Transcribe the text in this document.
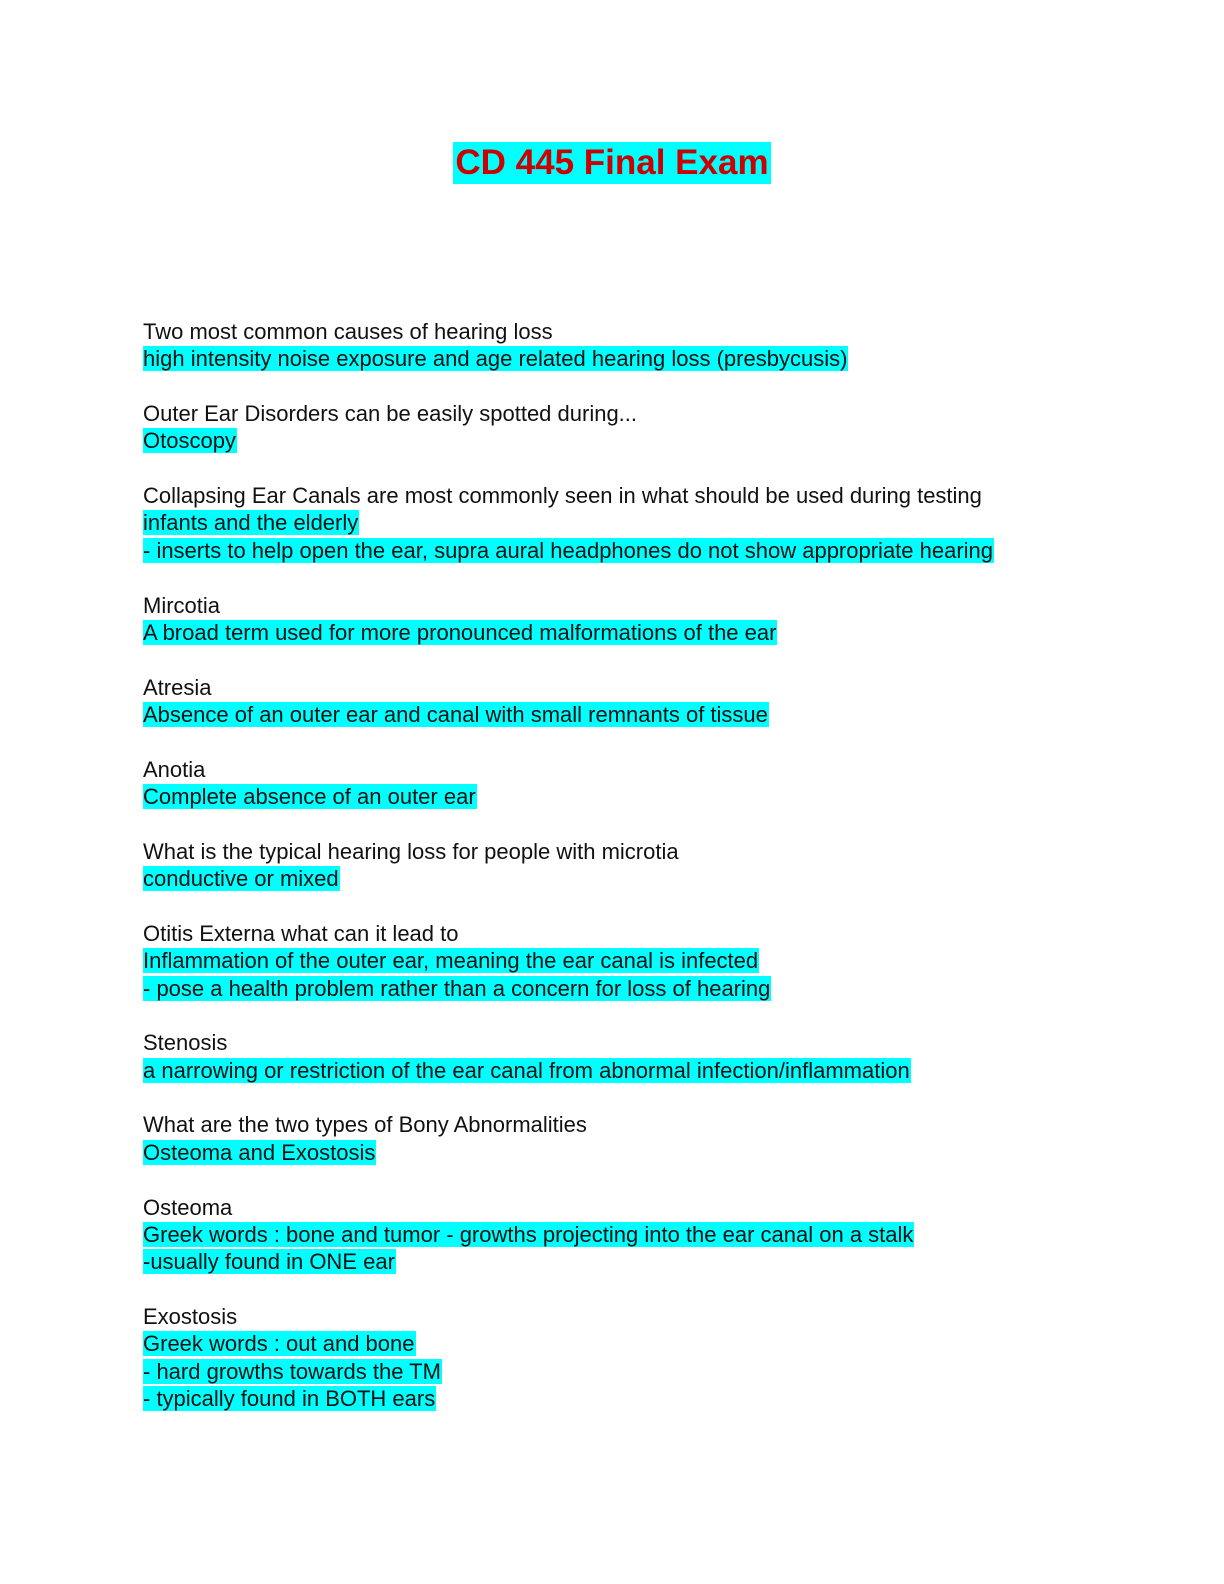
CD 445 Final Exam
Two most common causes of hearing loss
high intensity noise exposure and age related hearing loss (presbycusis)
Outer Ear Disorders can be easily spotted during...
Otoscopy
Collapsing Ear Canals are most commonly seen in what should be used during testing
infants and the elderly
- inserts to help open the ear, supra aural headphones do not show appropriate hearing
Mircotia
A broad term used for more pronounced malformations of the ear
Atresia
Absence of an outer ear and canal with small remnants of tissue
Anotia
Complete absence of an outer ear
What is the typical hearing loss for people with microtia
conductive or mixed
Otitis Externa what can it lead to
Inflammation of the outer ear, meaning the ear canal is infected
- pose a health problem rather than a concern for loss of hearing
Stenosis
a narrowing or restriction of the ear canal from abnormal infection/inflammation
What are the two types of Bony Abnormalities
Osteoma and Exostosis
Osteoma
Greek words : bone and tumor - growths projecting into the ear canal on a stalk
-usually found in ONE ear
Exostosis
Greek words : out and bone
- hard growths towards the TM
- typically found in BOTH ears
